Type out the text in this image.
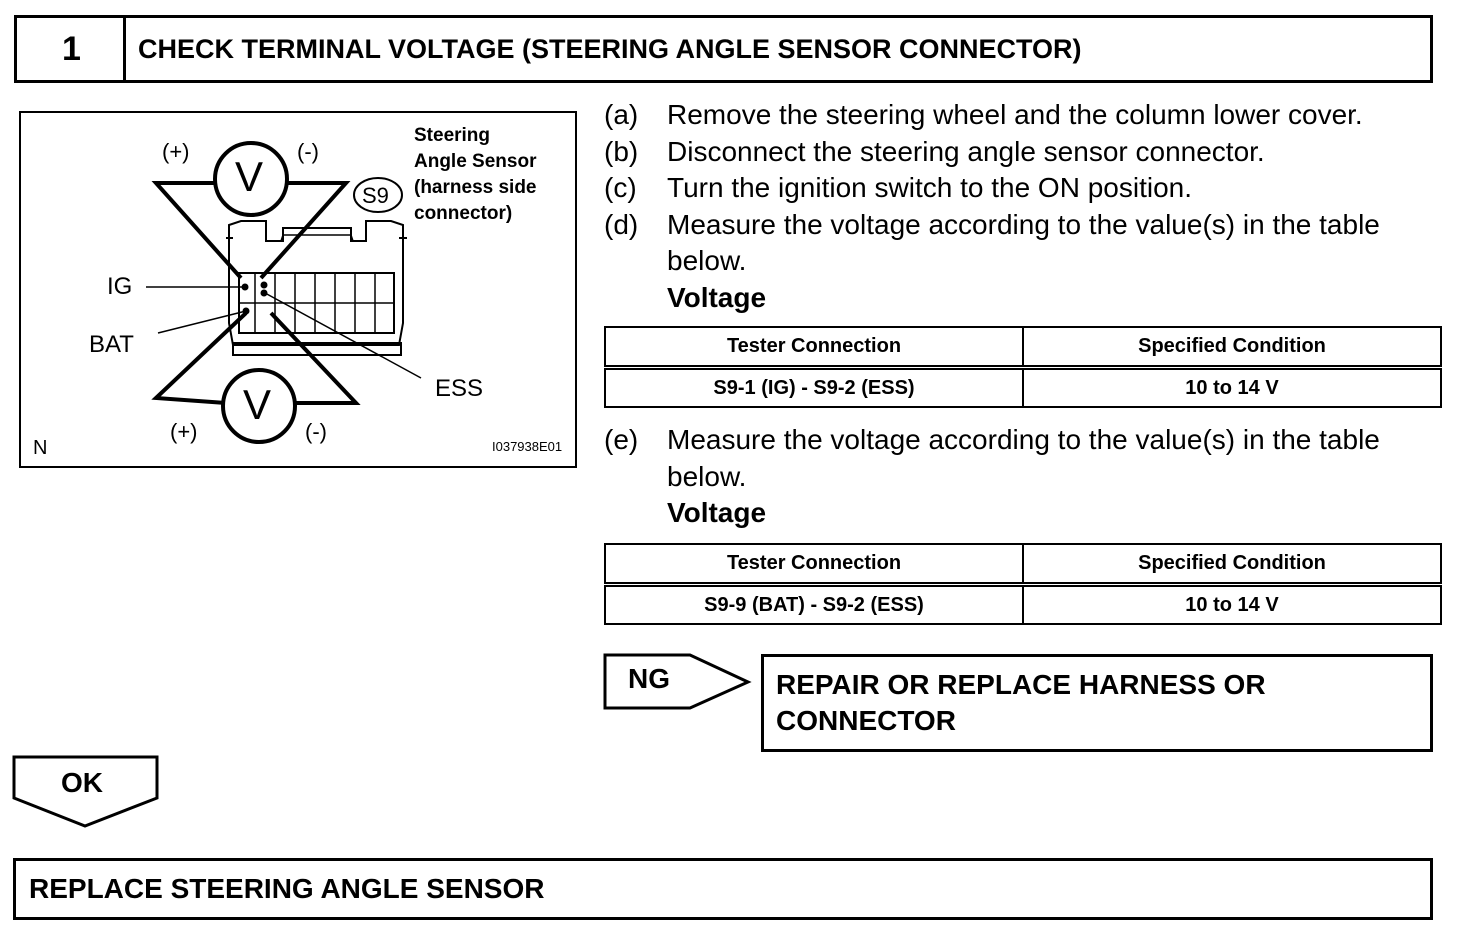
1	CHECK TERMINAL VOLTAGE (STEERING ANGLE SENSOR CONNECTOR)
V
V
(+)	(-)
(+)	(-)
S9
Steering
Angle Sensor
(harness side
connector)
IG
BAT
ESS
N	I037938E01
(a)	Remove the steering wheel and the column lower cover.
(b)	Disconnect the steering angle sensor connector.
(c)	Turn the ignition switch to the ON position.
(d)	Measure the voltage according to the value(s) in the table below.
Voltage
Tester Connection	Specified Condition
S9-1 (IG) - S9-2 (ESS)	10 to 14 V
(e)	Measure the voltage according to the value(s) in the table below.
Voltage
Tester Connection	Specified Condition
S9-9 (BAT) - S9-2 (ESS)	10 to 14 V
NG	REPAIR OR REPLACE HARNESS OR CONNECTOR
OK
REPLACE STEERING ANGLE SENSOR
